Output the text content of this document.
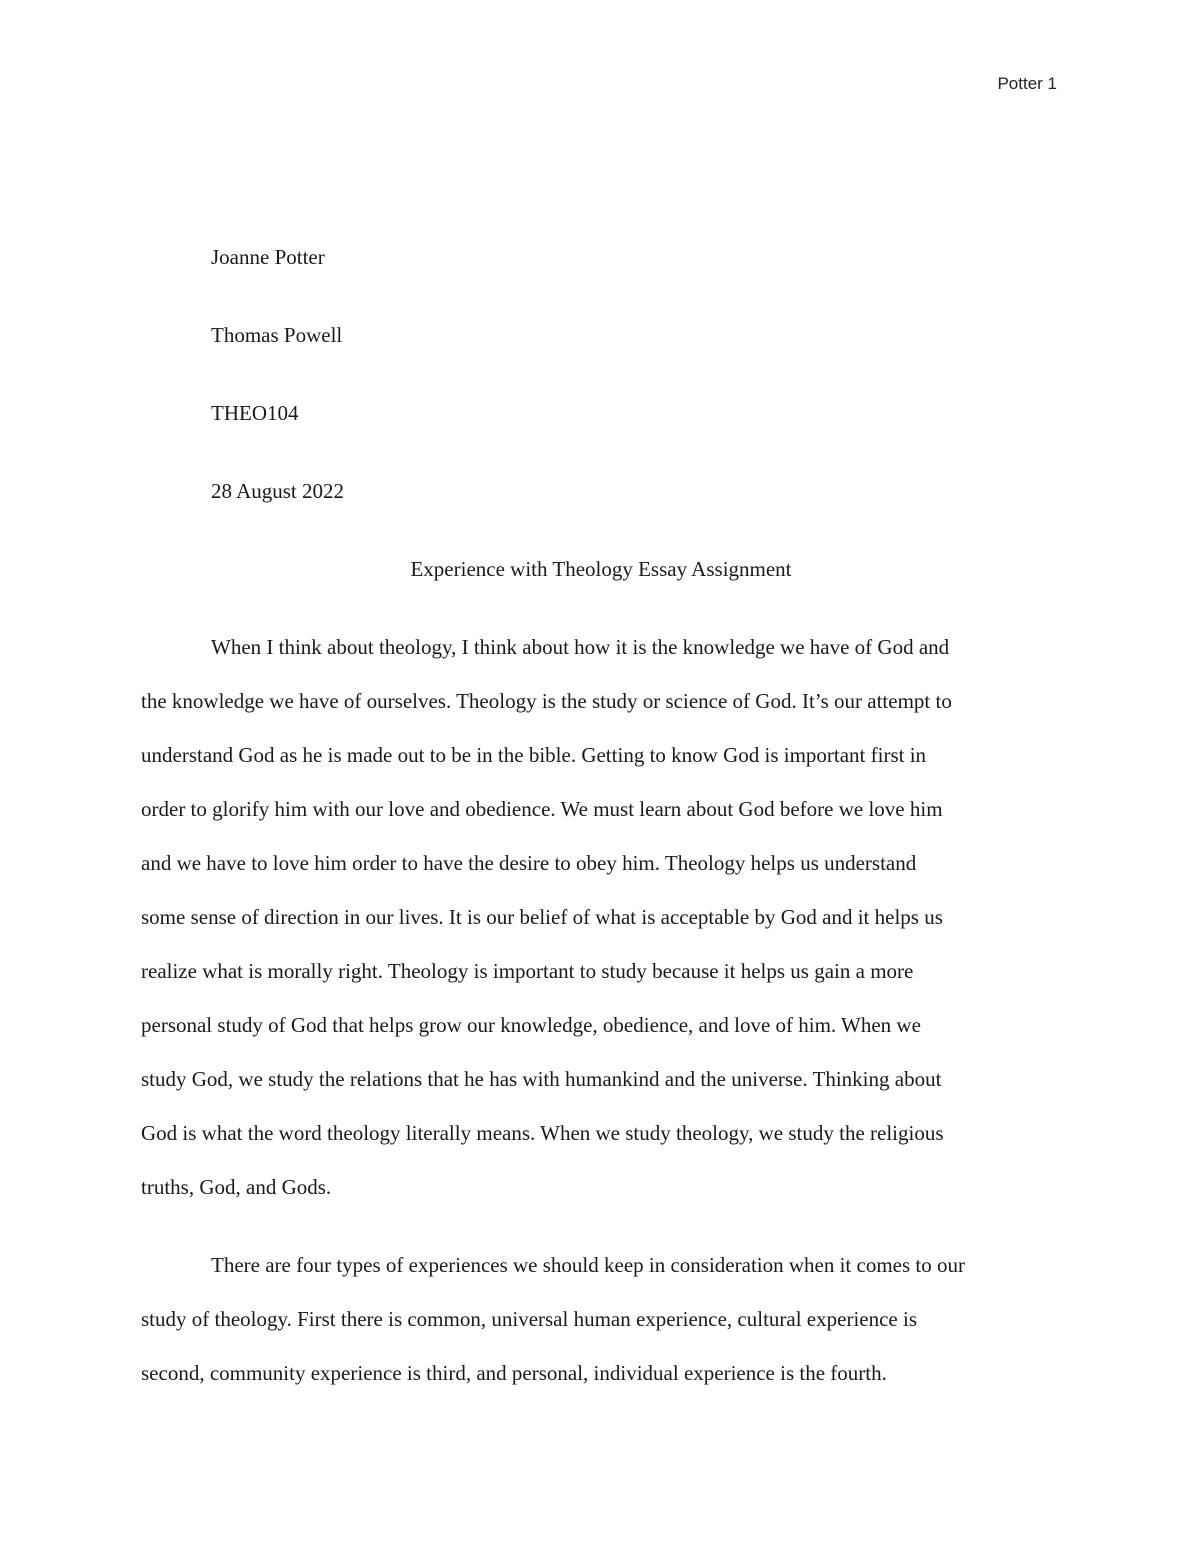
Potter 1
Joanne Potter
Thomas Powell
THEO104
28 August 2022
Experience with Theology Essay Assignment
When I think about theology, I think about how it is the knowledge we have of God and
the knowledge we have of ourselves. Theology is the study or science of God. It’s our attempt to
understand God as he is made out to be in the bible. Getting to know God is important first in
order to glorify him with our love and obedience. We must learn about God before we love him
and we have to love him order to have the desire to obey him. Theology helps us understand
some sense of direction in our lives. It is our belief of what is acceptable by God and it helps us
realize what is morally right. Theology is important to study because it helps us gain a more
personal study of God that helps grow our knowledge, obedience, and love of him. When we
study God, we study the relations that he has with humankind and the universe. Thinking about
God is what the word theology literally means. When we study theology, we study the religious
truths, God, and Gods.
There are four types of experiences we should keep in consideration when it comes to our
study of theology. First there is common, universal human experience, cultural experience is
second, community experience is third, and personal, individual experience is the fourth.
